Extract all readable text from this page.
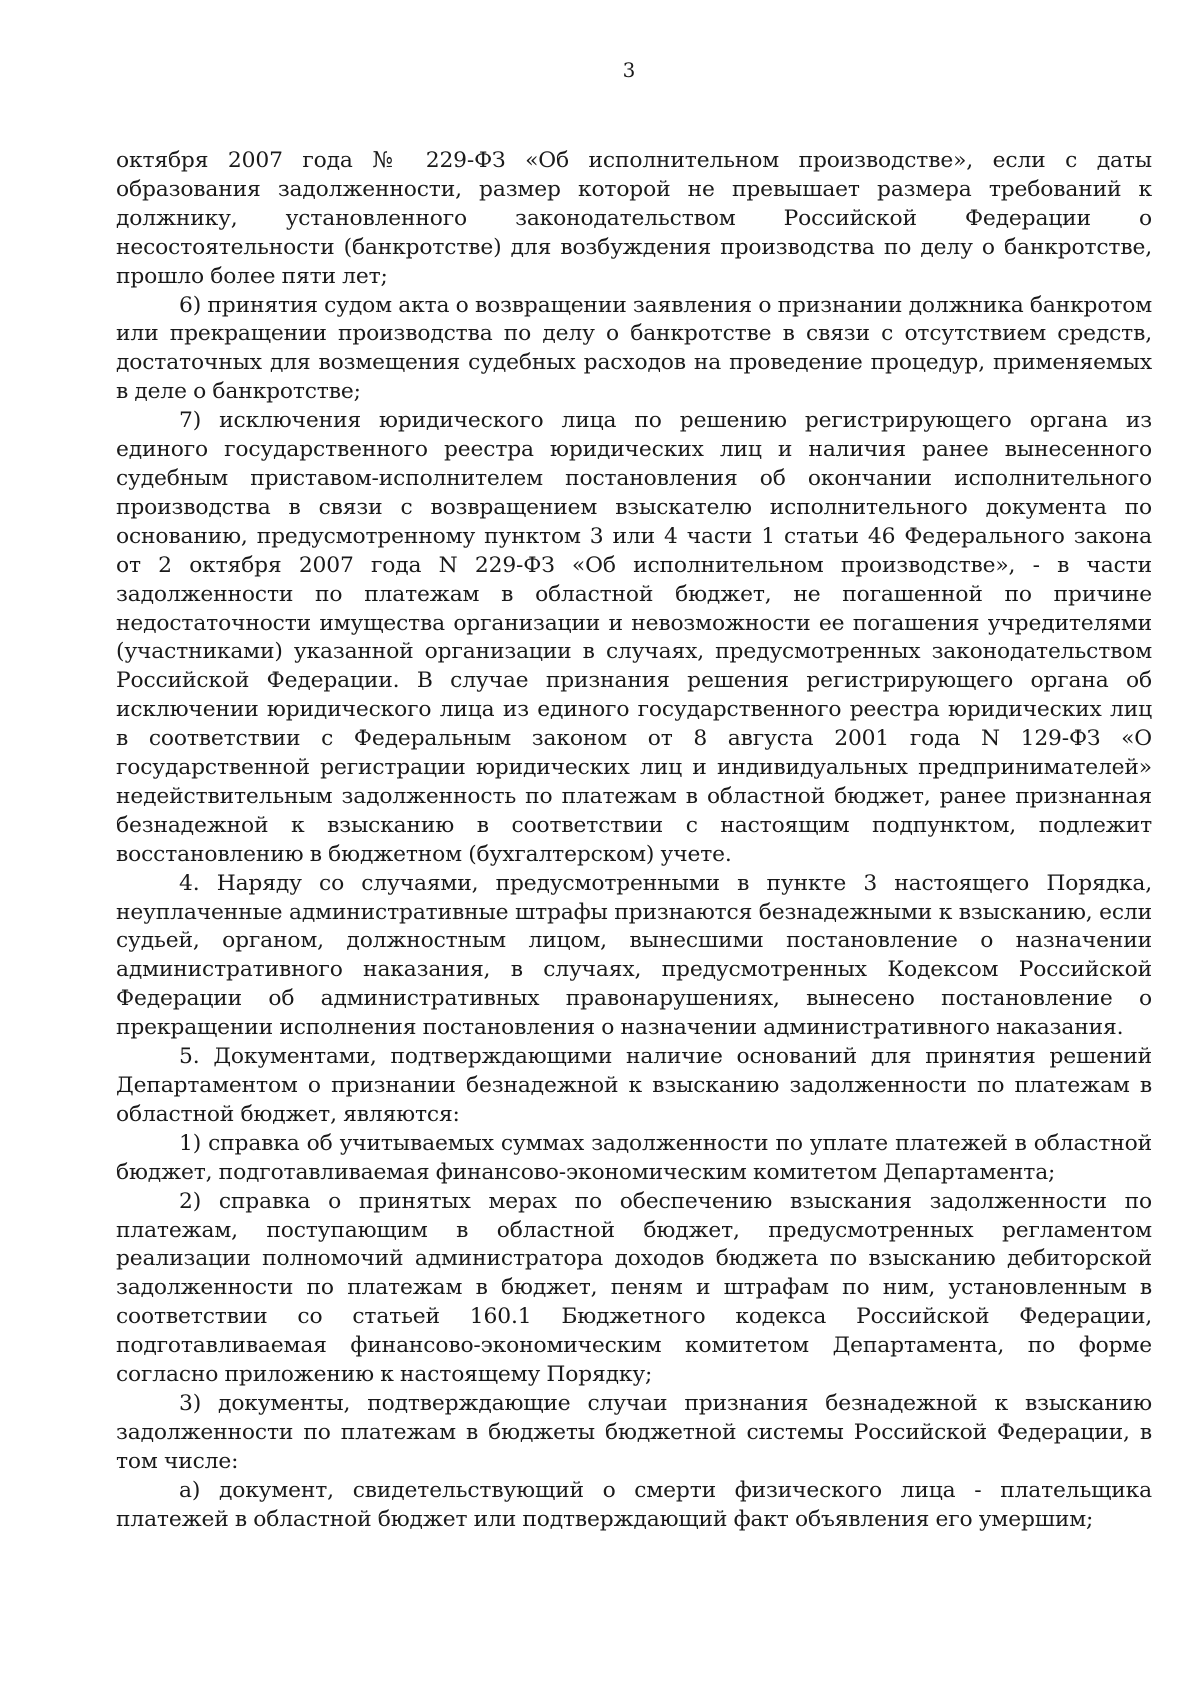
3

октября 2007 года № 229-ФЗ «Об исполнительном производстве», если с даты образования задолженности, размер которой не превышает размера требований к должнику, установленного законодательством Российской Федерации о несостоятельности (банкротстве) для возбуждения производства по делу о банкротстве, прошло более пяти лет;

6) принятия судом акта о возвращении заявления о признании должника банкротом или прекращении производства по делу о банкротстве в связи с отсутствием средств, достаточных для возмещения судебных расходов на проведение процедур, применяемых в деле о банкротстве;

7) исключения юридического лица по решению регистрирующего органа из единого государственного реестра юридических лиц и наличия ранее вынесенного судебным приставом-исполнителем постановления об окончании исполнительного производства в связи с возвращением взыскателю исполнительного документа по основанию, предусмотренному пунктом 3 или 4 части 1 статьи 46 Федерального закона от 2 октября 2007 года N 229-ФЗ «Об исполнительном производстве», - в части задолженности по платежам в областной бюджет, не погашенной по причине недостаточности имущества организации и невозможности ее погашения учредителями (участниками) указанной организации в случаях, предусмотренных законодательством Российской Федерации. В случае признания решения регистрирующего органа об исключении юридического лица из единого государственного реестра юридических лиц в соответствии с Федеральным законом от 8 августа 2001 года N 129-ФЗ «О государственной регистрации юридических лиц и индивидуальных предпринимателей» недействительным задолженность по платежам в областной бюджет, ранее признанная безнадежной к взысканию в соответствии с настоящим подпунктом, подлежит восстановлению в бюджетном (бухгалтерском) учете.

4. Наряду со случаями, предусмотренными в пункте 3 настоящего Порядка, неуплаченные административные штрафы признаются безнадежными к взысканию, если судьей, органом, должностным лицом, вынесшими постановление о назначении административного наказания, в случаях, предусмотренных Кодексом Российской Федерации об административных правонарушениях, вынесено постановление о прекращении исполнения постановления о назначении административного наказания.

5. Документами, подтверждающими наличие оснований для принятия решений Департаментом о признании безнадежной к взысканию задолженности по платежам в областной бюджет, являются:

1) справка об учитываемых суммах задолженности по уплате платежей в областной бюджет, подготавливаемая финансово-экономическим комитетом Департамента;

2) справка о принятых мерах по обеспечению взыскания задолженности по платежам, поступающим в областной бюджет, предусмотренных регламентом реализации полномочий администратора доходов бюджета по взысканию дебиторской задолженности по платежам в бюджет, пеням и штрафам по ним, установленным в соответствии со статьей 160.1 Бюджетного кодекса Российской Федерации, подготавливаемая финансово-экономическим комитетом Департамента, по форме согласно приложению к настоящему Порядку;

3) документы, подтверждающие случаи признания безнадежной к взысканию задолженности по платежам в бюджеты бюджетной системы Российской Федерации, в том числе:

а) документ, свидетельствующий о смерти физического лица - плательщика платежей в областной бюджет или подтверждающий факт объявления его умершим;
